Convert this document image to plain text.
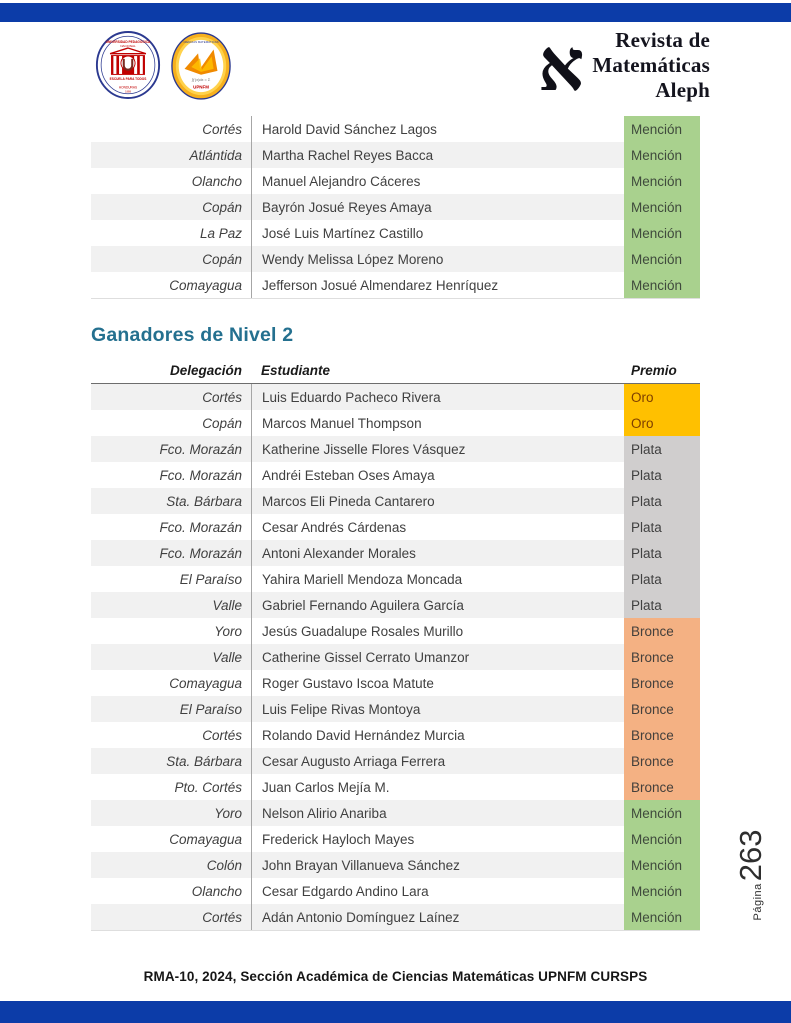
UNIVERSIDAD PEDAGÓGICA
NACIONAL
ESCUELA PARA TODOS
HONDURAS
1989
CIENCIAS MATEMÁTICAS
∫ƒ(x)dx = Σ
UPNFM	א	Revista de
Matemáticas
Aleph
Cortés	Harold David Sánchez Lagos	Mención
Atlántida	Martha Rachel Reyes Bacca	Mención
Olancho	Manuel Alejandro Cáceres	Mención
Copán	Bayrón Josué Reyes Amaya	Mención
La Paz	José Luis Martínez Castillo	Mención
Copán	Wendy Melissa López Moreno	Mención
Comayagua	Jefferson Josué Almendarez Henríquez	Mención
Ganadores de Nivel 2
Delegación	Estudiante	Premio
Cortés	Luis Eduardo Pacheco Rivera	Oro
Copán	Marcos Manuel Thompson	Oro
Fco. Morazán	Katherine Jisselle Flores Vásquez	Plata
Fco. Morazán	Andréi Esteban Oses Amaya	Plata
Sta. Bárbara	Marcos Eli Pineda Cantarero	Plata
Fco. Morazán	Cesar Andrés Cárdenas	Plata
Fco. Morazán	Antoni Alexander Morales	Plata
El Paraíso	Yahira Mariell Mendoza Moncada	Plata
Valle	Gabriel Fernando Aguilera García	Plata
Yoro	Jesús Guadalupe Rosales Murillo	Bronce
Valle	Catherine Gissel Cerrato Umanzor	Bronce
Comayagua	Roger Gustavo Iscoa Matute	Bronce
El Paraíso	Luis Felipe Rivas Montoya	Bronce
Cortés	Rolando David Hernández Murcia	Bronce
Sta. Bárbara	Cesar Augusto Arriaga Ferrera	Bronce
Pto. Cortés	Juan Carlos Mejía M.	Bronce
Yoro	Nelson Alirio Anariba	Mención
Comayagua	Frederick Hayloch Mayes	Mención
Colón	John Brayan Villanueva Sánchez	Mención
Olancho	Cesar Edgardo Andino Lara	Mención
Cortés	Adán Antonio Domínguez Laínez	Mención	Página
263
RMA-10, 2024, Sección Académica de Ciencias Matemáticas UPNFM CURSPS
